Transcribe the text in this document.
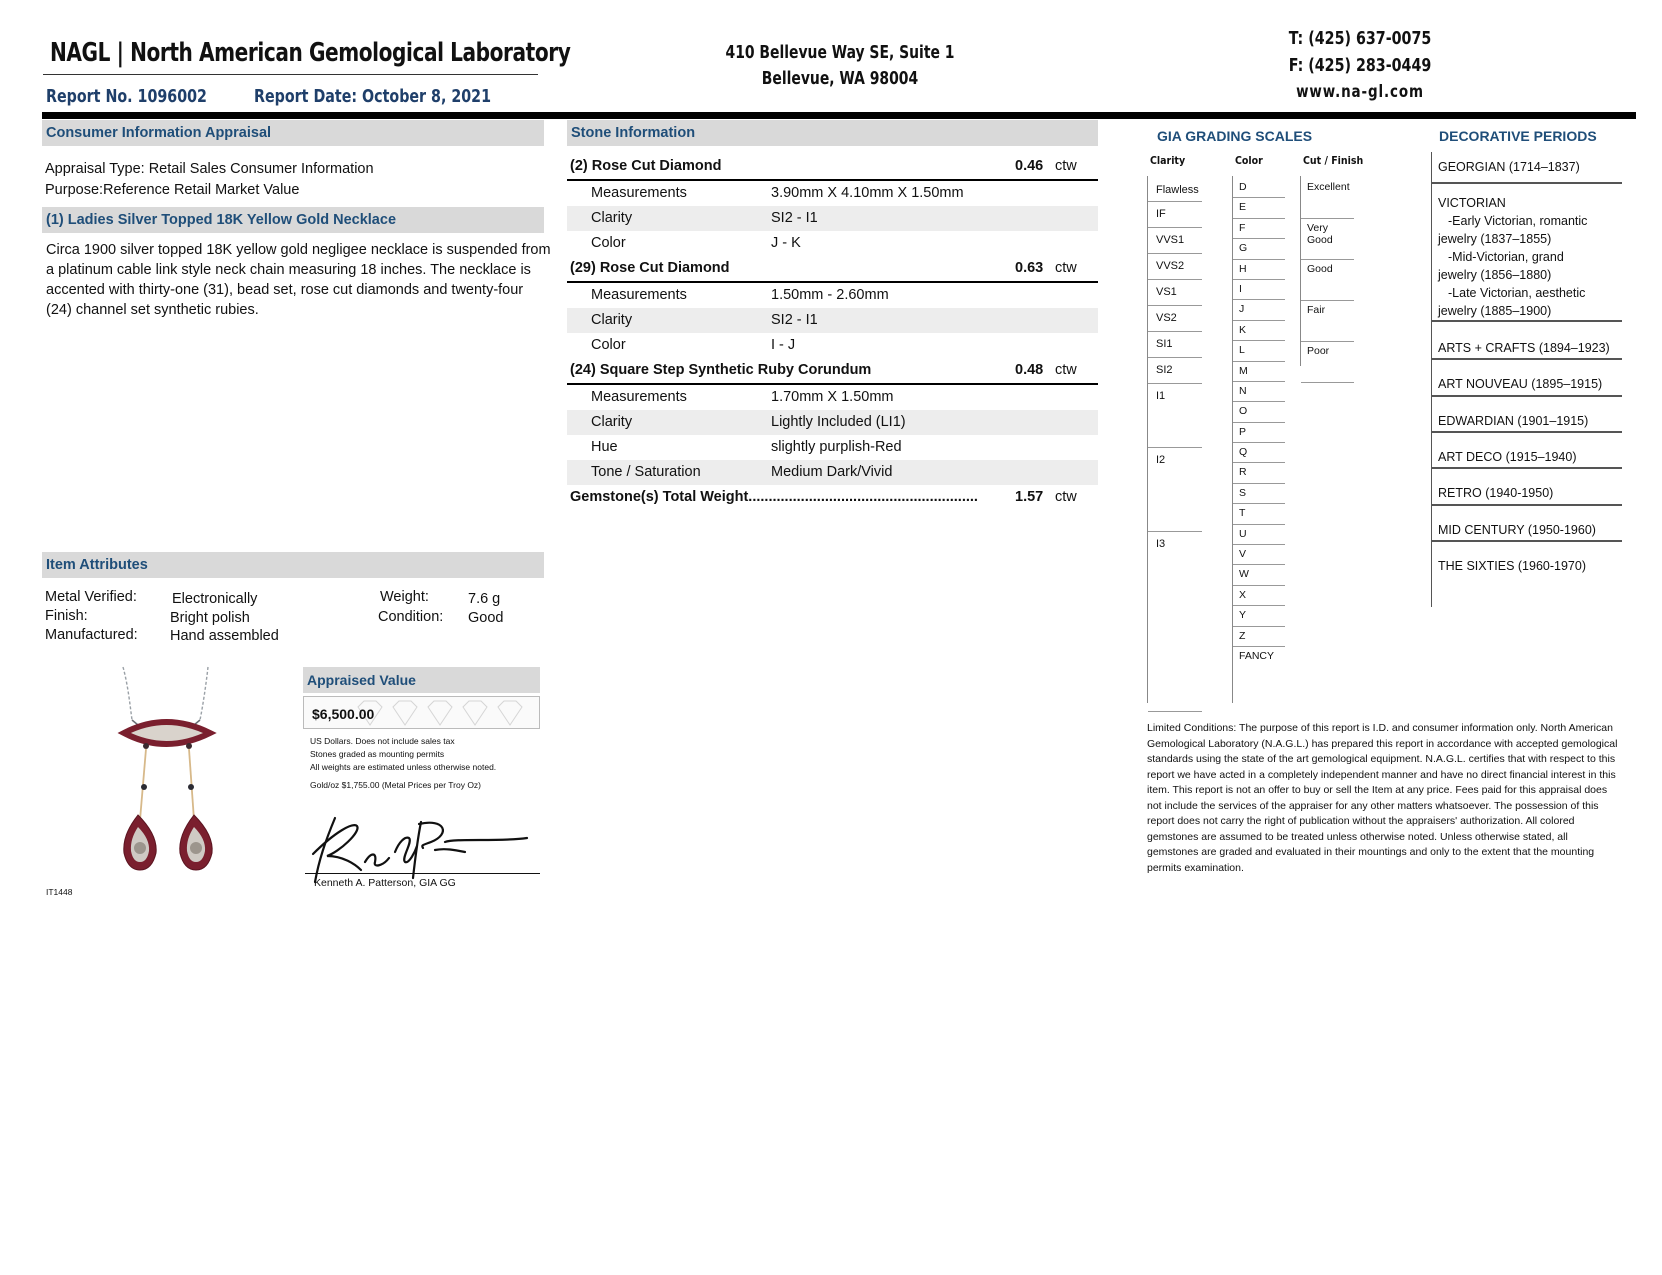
NAGL | North American Gemological Laboratory
Report No. 1096002	Report Date: October 8, 2021
410 Bellevue Way SE, Suite 1
Bellevue, WA 98004
T: (425) 637-0075
F: (425) 283-0449
www.na-gl.com
Consumer Information Appraisal
Appraisal Type: Retail Sales Consumer Information
Purpose:Reference Retail Market Value
(1) Ladies Silver Topped 18K Yellow Gold Necklace
Circa 1900 silver topped 18K yellow gold negligee necklace is suspended from a platinum cable link style neck chain measuring 18 inches. The necklace is accented with thirty-one (31), bead set, rose cut diamonds and twenty-four (24) channel set synthetic rubies.
Item Attributes
Metal Verified: Electronically
Finish:	Bright polish
Manufactured: Hand assembled
Weight:	7.6 g
Condition: Good
IT1448
Appraised Value
$6,500.00
US Dollars. Does not include sales tax
Stones graded as mounting permits
All weights are estimated unless otherwise noted.
Gold/oz $1,755.00 (Metal Prices per Troy Oz)
Kenneth A. Patterson, GIA GG
Stone Information
(2) Rose Cut Diamond	0.46 ctw
Measurements	3.90mm X 4.10mm X 1.50mm
Clarity	SI2 - I1
Color	J - K
(29) Rose Cut Diamond	0.63 ctw
Measurements	1.50mm - 2.60mm
Clarity	SI2 - I1
Color	I - J
(24) Square Step Synthetic Ruby Corundum	0.48 ctw
Measurements	1.70mm X 1.50mm
Clarity	Lightly Included (LI1)
Hue	slightly purplish-Red
Tone / Saturation	Medium Dark/Vivid
Gemstone(s) Total Weight.........................................................	1.57 ctw
GIA GRADING SCALES
Clarity	Color	Cut / Finish
Flawless
IF
VVS1
VVS2
VS1
VS2
SI1
SI2
I1
I2
I3
D
E
F
G
H
I
J
K
L
M
N
O
P
Q
R
S
T
U
V
W
X
Y
Z
FANCY
Excellent
Very Good
Good
Fair
Poor
DECORATIVE PERIODS
GEORGIAN (1714–1837)
VICTORIAN
-Early Victorian, romantic
jewelry (1837–1855)
-Mid-Victorian, grand
jewelry (1856–1880)
-Late Victorian, aesthetic
jewelry (1885–1900)
ARTS + CRAFTS (1894–1923)
ART NOUVEAU (1895–1915)
EDWARDIAN (1901–1915)
ART DECO (1915–1940)
RETRO (1940-1950)
MID CENTURY (1950-1960)
THE SIXTIES (1960-1970)
Limited Conditions: The purpose of this report is I.D. and consumer information only. North American Gemological Laboratory (N.A.G.L.) has prepared this report in accordance with accepted gemological standards using the state of the art gemological equipment. N.A.G.L. certifies that with respect to this report we have acted in a completely independent manner and have no direct financial interest in this item. This report is not an offer to buy or sell the Item at any price. Fees paid for this appraisal does not include the services of the appraiser for any other matters whatsoever. The possession of this report does not carry the right of publication without the appraisers' authorization. All colored gemstones are assumed to be treated unless otherwise noted. Unless otherwise stated, all gemstones are graded and evaluated in their mountings and only to the extent that the mounting permits examination.
